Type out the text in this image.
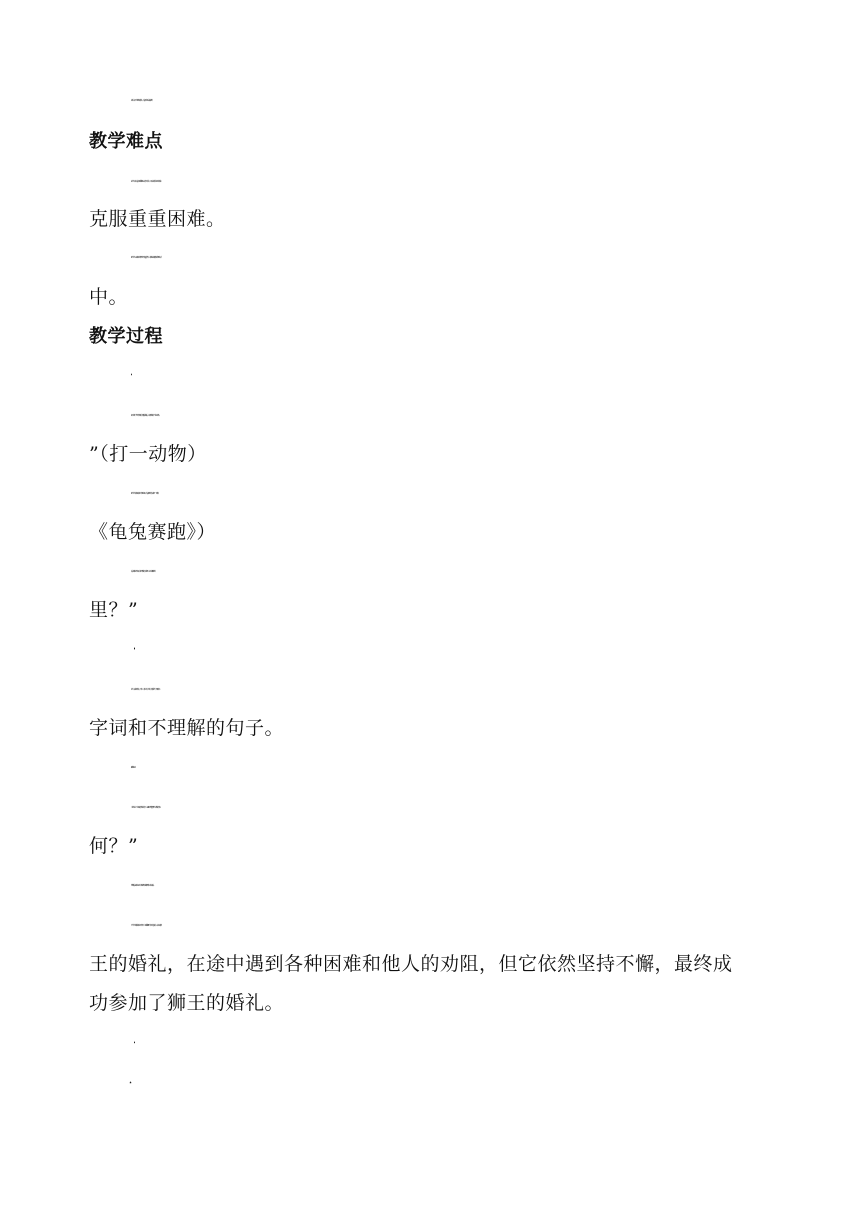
2.分析文中不同角色的特点，体会对比手法的运用。
教学难点
1.让学生深入体会乌龟陶陶内心的坚定信念，以及这种信念如何支撑它
克服重重困难。
2.引导学生从故事中领悟到坚持的重要性，并能将这种精神迁移到生活
中。
教学过程
1.出示谜语：“脖子能伸缩，腰板似铁板，水陆两处栖，寿命它领先。
”（打一动物）
2.引导学生猜谜后提问：“提到乌龟，你会想到什么故事？”（预设：
《龟兔赛跑》）
板书课题《犟龟》，提问：“‘犟’是什么意思？这只乌龟‘犟’在哪
里？”
1.学生自由朗读课文，要求：读准字音，标出自然段序号，圈画出生
字词和不理解的句子。
2.梳理主线
小组讨论：“小乌龟的目标是什么？它遇到了哪些困难？最终结果如
何？”
教师板书故事主线：收到请柬→克服困难→参加婚礼。
引导学生概括故事主要内容：乌龟陶陶听了鸽子的谈话，决定参加狮
王的婚礼，在途中遇到各种困难和他人的劝阻，但它依然坚持不懈，最终成
功参加了狮王的婚礼。
